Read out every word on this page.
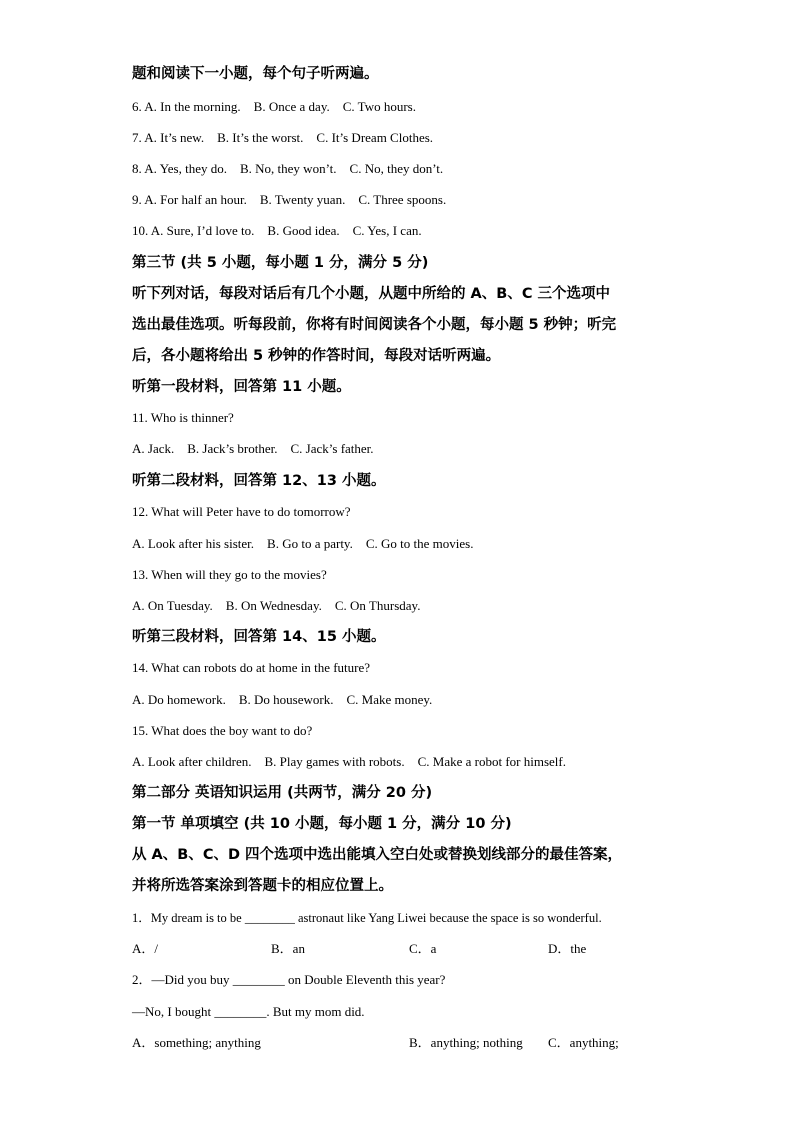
题和阅读下一小题，每个句子听两遍。
6. A. In the morning.    B. Once a day.    C. Two hours.
7. A. It’s new.    B. It’s the worst.    C. It’s Dream Clothes.
8. A. Yes, they do.    B. No, they won’t.    C. No, they don’t.
9. A. For half an hour.    B. Twenty yuan.    C. Three spoons.
10. A. Sure, I’d love to.    B. Good idea.    C. Yes, I can.
第三节 (共 5 小题，每小题 1 分，满分 5 分)
听下列对话，每段对话后有几个小题，从题中所给的 A、B、C 三个选项中
选出最佳选项。听每段前，你将有时间阅读各个小题，每小题 5 秒钟；听完
后，各小题将给出 5 秒钟的作答时间，每段对话听两遍。
听第一段材料，回答第 11 小题。
11. Who is thinner?
A. Jack.    B. Jack’s brother.    C. Jack’s father.
听第二段材料，回答第 12、13 小题。
12. What will Peter have to do tomorrow?
A. Look after his sister.    B. Go to a party.    C. Go to the movies.
13. When will they go to the movies?
A. On Tuesday.    B. On Wednesday.    C. On Thursday.
听第三段材料，回答第 14、15 小题。
14. What can robots do at home in the future?
A. Do homework.    B. Do housework.    C. Make money.
15. What does the boy want to do?
A. Look after children.    B. Play games with robots.    C. Make a robot for himself.
第二部分 英语知识运用 (共两节，满分 20 分)
第一节 单项填空 (共 10 小题，每小题 1 分，满分 10 分)
从 A、B、C、D 四个选项中选出能填入空白处或替换划线部分的最佳答案，
并将所选答案涂到答题卡的相应位置上。
1．My dream is to be ________ astronaut like Yang Liwei because the space is so wonderful.
A．/	B．an	C．a	D．the
2．—Did you buy ________ on Double Eleventh this year?
—No, I bought ________. But my mom did.
A．something; anything	B．anything; nothing C．anything;
